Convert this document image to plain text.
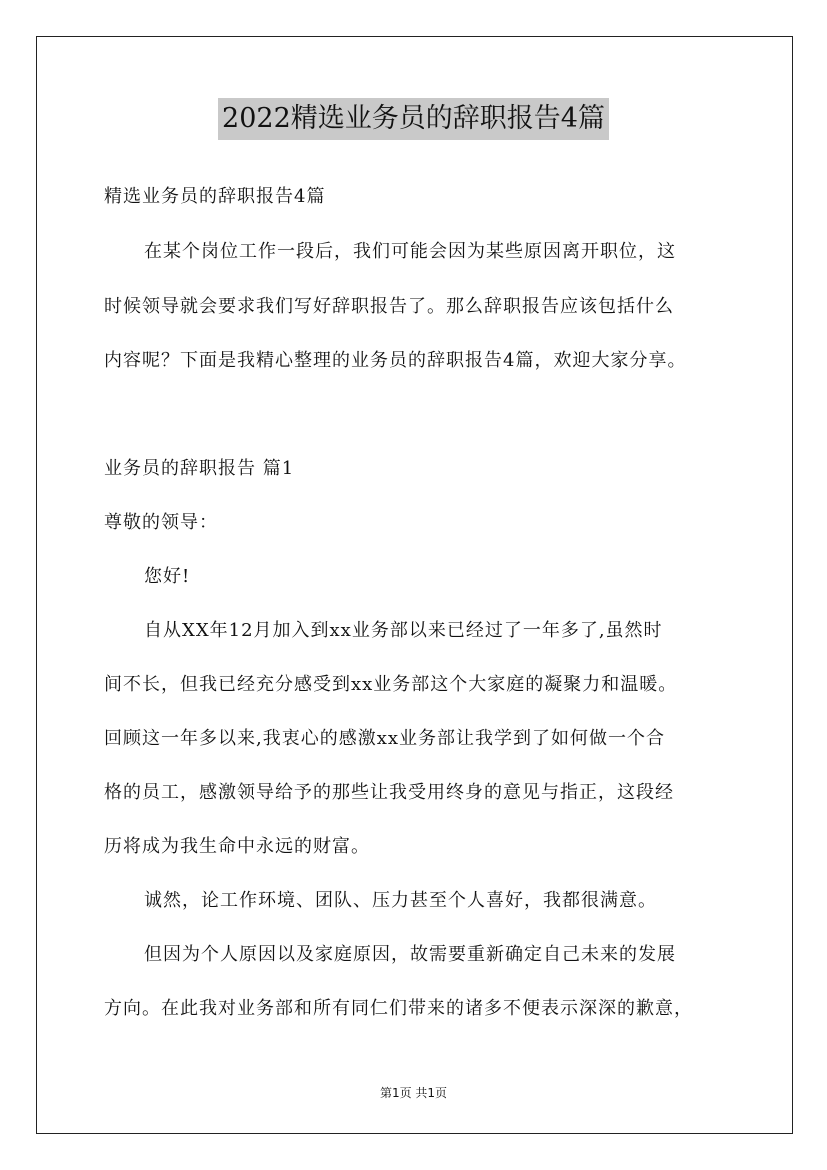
2022精选业务员的辞职报告4篇
精选业务员的辞职报告4篇
在某个岗位工作一段后，我们可能会因为某些原因离开职位，这
时候领导就会要求我们写好辞职报告了。那么辞职报告应该包括什么
内容呢？下面是我精心整理的业务员的辞职报告4篇，欢迎大家分享。
业务员的辞职报告 篇1
尊敬的领导：
您好!
自从XX年12月加入到xx业务部以来已经过了一年多了,虽然时
间不长，但我已经充分感受到xx业务部这个大家庭的凝聚力和温暖。
回顾这一年多以来,我衷心的感激xx业务部让我学到了如何做一个合
格的员工，感激领导给予的那些让我受用终身的意见与指正，这段经
历将成为我生命中永远的财富。
诚然，论工作环境、团队、压力甚至个人喜好，我都很满意。
但因为个人原因以及家庭原因，故需要重新确定自己未来的发展
方向。在此我对业务部和所有同仁们带来的诸多不便表示深深的歉意，
第1页 共1页
